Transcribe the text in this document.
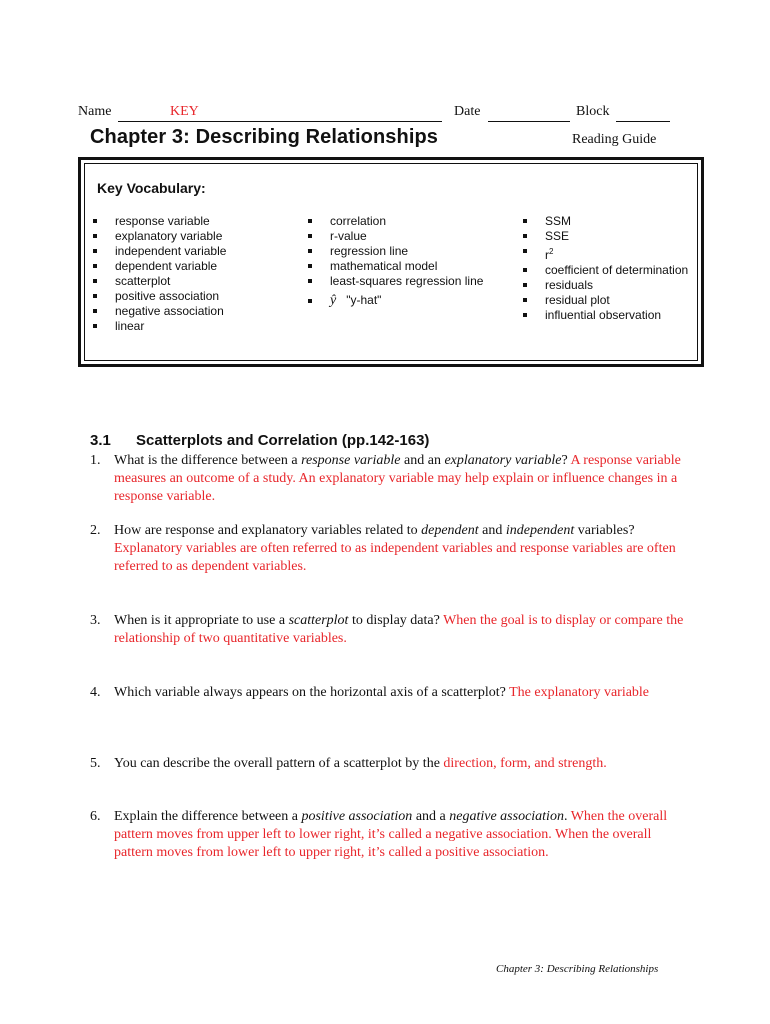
Name	KEY	Date	Block
Chapter 3: Describing Relationships	Reading Guide
Key Vocabulary:
response variable
explanatory variable
independent variable
dependent variable
scatterplot
positive association
negative association
linear
correlation
r-value
regression line
mathematical model
least-squares regression line
ŷ "y-hat"
SSM
SSE
$r^2$
coefficient of determination
residuals
residual plot
influential observation
3.1 Scatterplots and Correlation (pp.142-163)
1. What is the difference between a response variable and an explanatory variable? A response variable measures an outcome of a study. An explanatory variable may help explain or influence changes in a response variable.
2. How are response and explanatory variables related to dependent and independent variables? Explanatory variables are often referred to as independent variables and response variables are often referred to as dependent variables.
3. When is it appropriate to use a scatterplot to display data? When the goal is to display or compare the relationship of two quantitative variables.
4. Which variable always appears on the horizontal axis of a scatterplot? The explanatory variable
5. You can describe the overall pattern of a scatterplot by the direction, form, and strength.
6. Explain the difference between a positive association and a negative association. When the overall pattern moves from upper left to lower right, it’s called a negative association. When the overall pattern moves from lower left to upper right, it’s called a positive association.
Chapter 3: Describing Relationships
